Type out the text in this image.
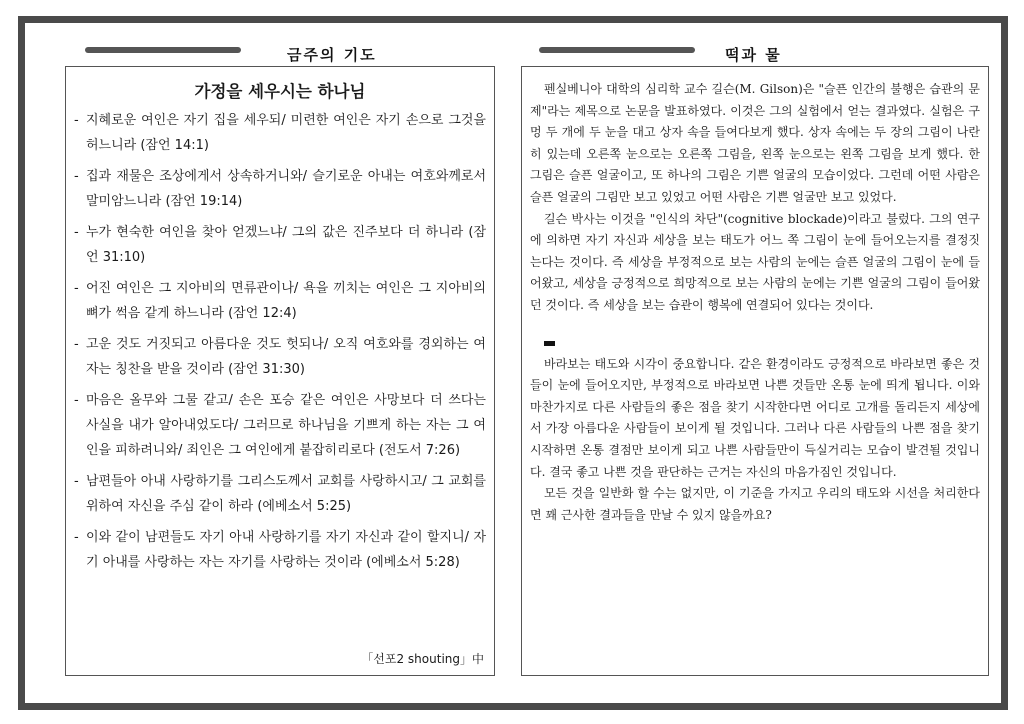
금주의 기도	떡과 물
가정을 세우시는 하나님
- 지혜로운 여인은 자기 집을 세우되/ 미련한 여인은 자기 손으로 그것을 허느니라 (잠언 14:1)
- 집과 재물은 조상에게서 상속하거니와/ 슬기로운 아내는 여호와께로서 말미암느니라 (잠언 19:14)
- 누가 현숙한 여인을 찾아 얻겠느냐/ 그의 값은 진주보다 더 하니라 (잠언 31:10)
- 어진 여인은 그 지아비의 면류관이나/ 욕을 끼치는 여인은 그 지아비의 뼈가 썩음 같게 하느니라 (잠언 12:4)
- 고운 것도 거짓되고 아름다운 것도 헛되나/ 오직 여호와를 경외하는 여자는 칭찬을 받을 것이라 (잠언 31:30)
- 마음은 올무와 그물 같고/ 손은 포승 같은 여인은 사망보다 더 쓰다는 사실을 내가 알아내었도다/ 그러므로 하나님을 기쁘게 하는 자는 그 여인을 피하려니와/ 죄인은 그 여인에게 붙잡히리로다 (전도서 7:26)
- 남편들아 아내 사랑하기를 그리스도께서 교회를 사랑하시고/ 그 교회를 위하여 자신을 주심 같이 하라 (에베소서 5:25)
- 이와 같이 남편들도 자기 아내 사랑하기를 자기 자신과 같이 할지니/ 자기 아내를 사랑하는 자는 자기를 사랑하는 것이라 (에베소서 5:28)
「선포2 shouting」中

펜실베니아 대학의 심리학 교수 길슨(M. Gilson)은 "슬픈 인간의 불행은 습관의 문제"라는 제목으로 논문을 발표하였다. 이것은 그의 실험에서 얻는 결과였다. 실험은 구멍 두 개에 두 눈을 대고 상자 속을 들여다보게 했다. 상자 속에는 두 장의 그림이 나란히 있는데 오른쪽 눈으로는 오른쪽 그림을, 왼쪽 눈으로는 왼쪽 그림을 보게 했다. 한 그림은 슬픈 얼굴이고, 또 하나의 그림은 기쁜 얼굴의 모습이었다. 그런데 어떤 사람은 슬픈 얼굴의 그림만 보고 있었고 어떤 사람은 기쁜 얼굴만 보고 있었다.

길슨 박사는 이것을 "인식의 차단"(cognitive blockade)이라고 불렀다. 그의 연구에 의하면 자기 자신과 세상을 보는 태도가 어느 쪽 그림이 눈에 들어오는지를 결정짓는다는 것이다. 즉 세상을 부정적으로 보는 사람의 눈에는 슬픈 얼굴의 그림이 눈에 들어왔고, 세상을 긍정적으로 희망적으로 보는 사람의 눈에는 기쁜 얼굴의 그림이 들어왔던 것이다. 즉 세상을 보는 습관이 행복에 연결되어 있다는 것이다.

바라보는 태도와 시각이 중요합니다. 같은 환경이라도 긍정적으로 바라보면 좋은 것들이 눈에 들어오지만, 부정적으로 바라보면 나쁜 것들만 온통 눈에 띄게 됩니다. 이와 마찬가지로 다른 사람들의 좋은 점을 찾기 시작한다면 어디로 고개를 돌리든지 세상에서 가장 아름다운 사람들이 보이게 될 것입니다. 그러나 다른 사람들의 나쁜 점을 찾기 시작하면 온통 결점만 보이게 되고 나쁜 사람들만이 득실거리는 모습이 발견될 것입니다. 결국 좋고 나쁜 것을 판단하는 근거는 자신의 마음가짐인 것입니다.

모든 것을 일반화 할 수는 없지만, 이 기준을 가지고 우리의 태도와 시선을 처리한다면 꽤 근사한 결과들을 만날 수 있지 않을까요?
